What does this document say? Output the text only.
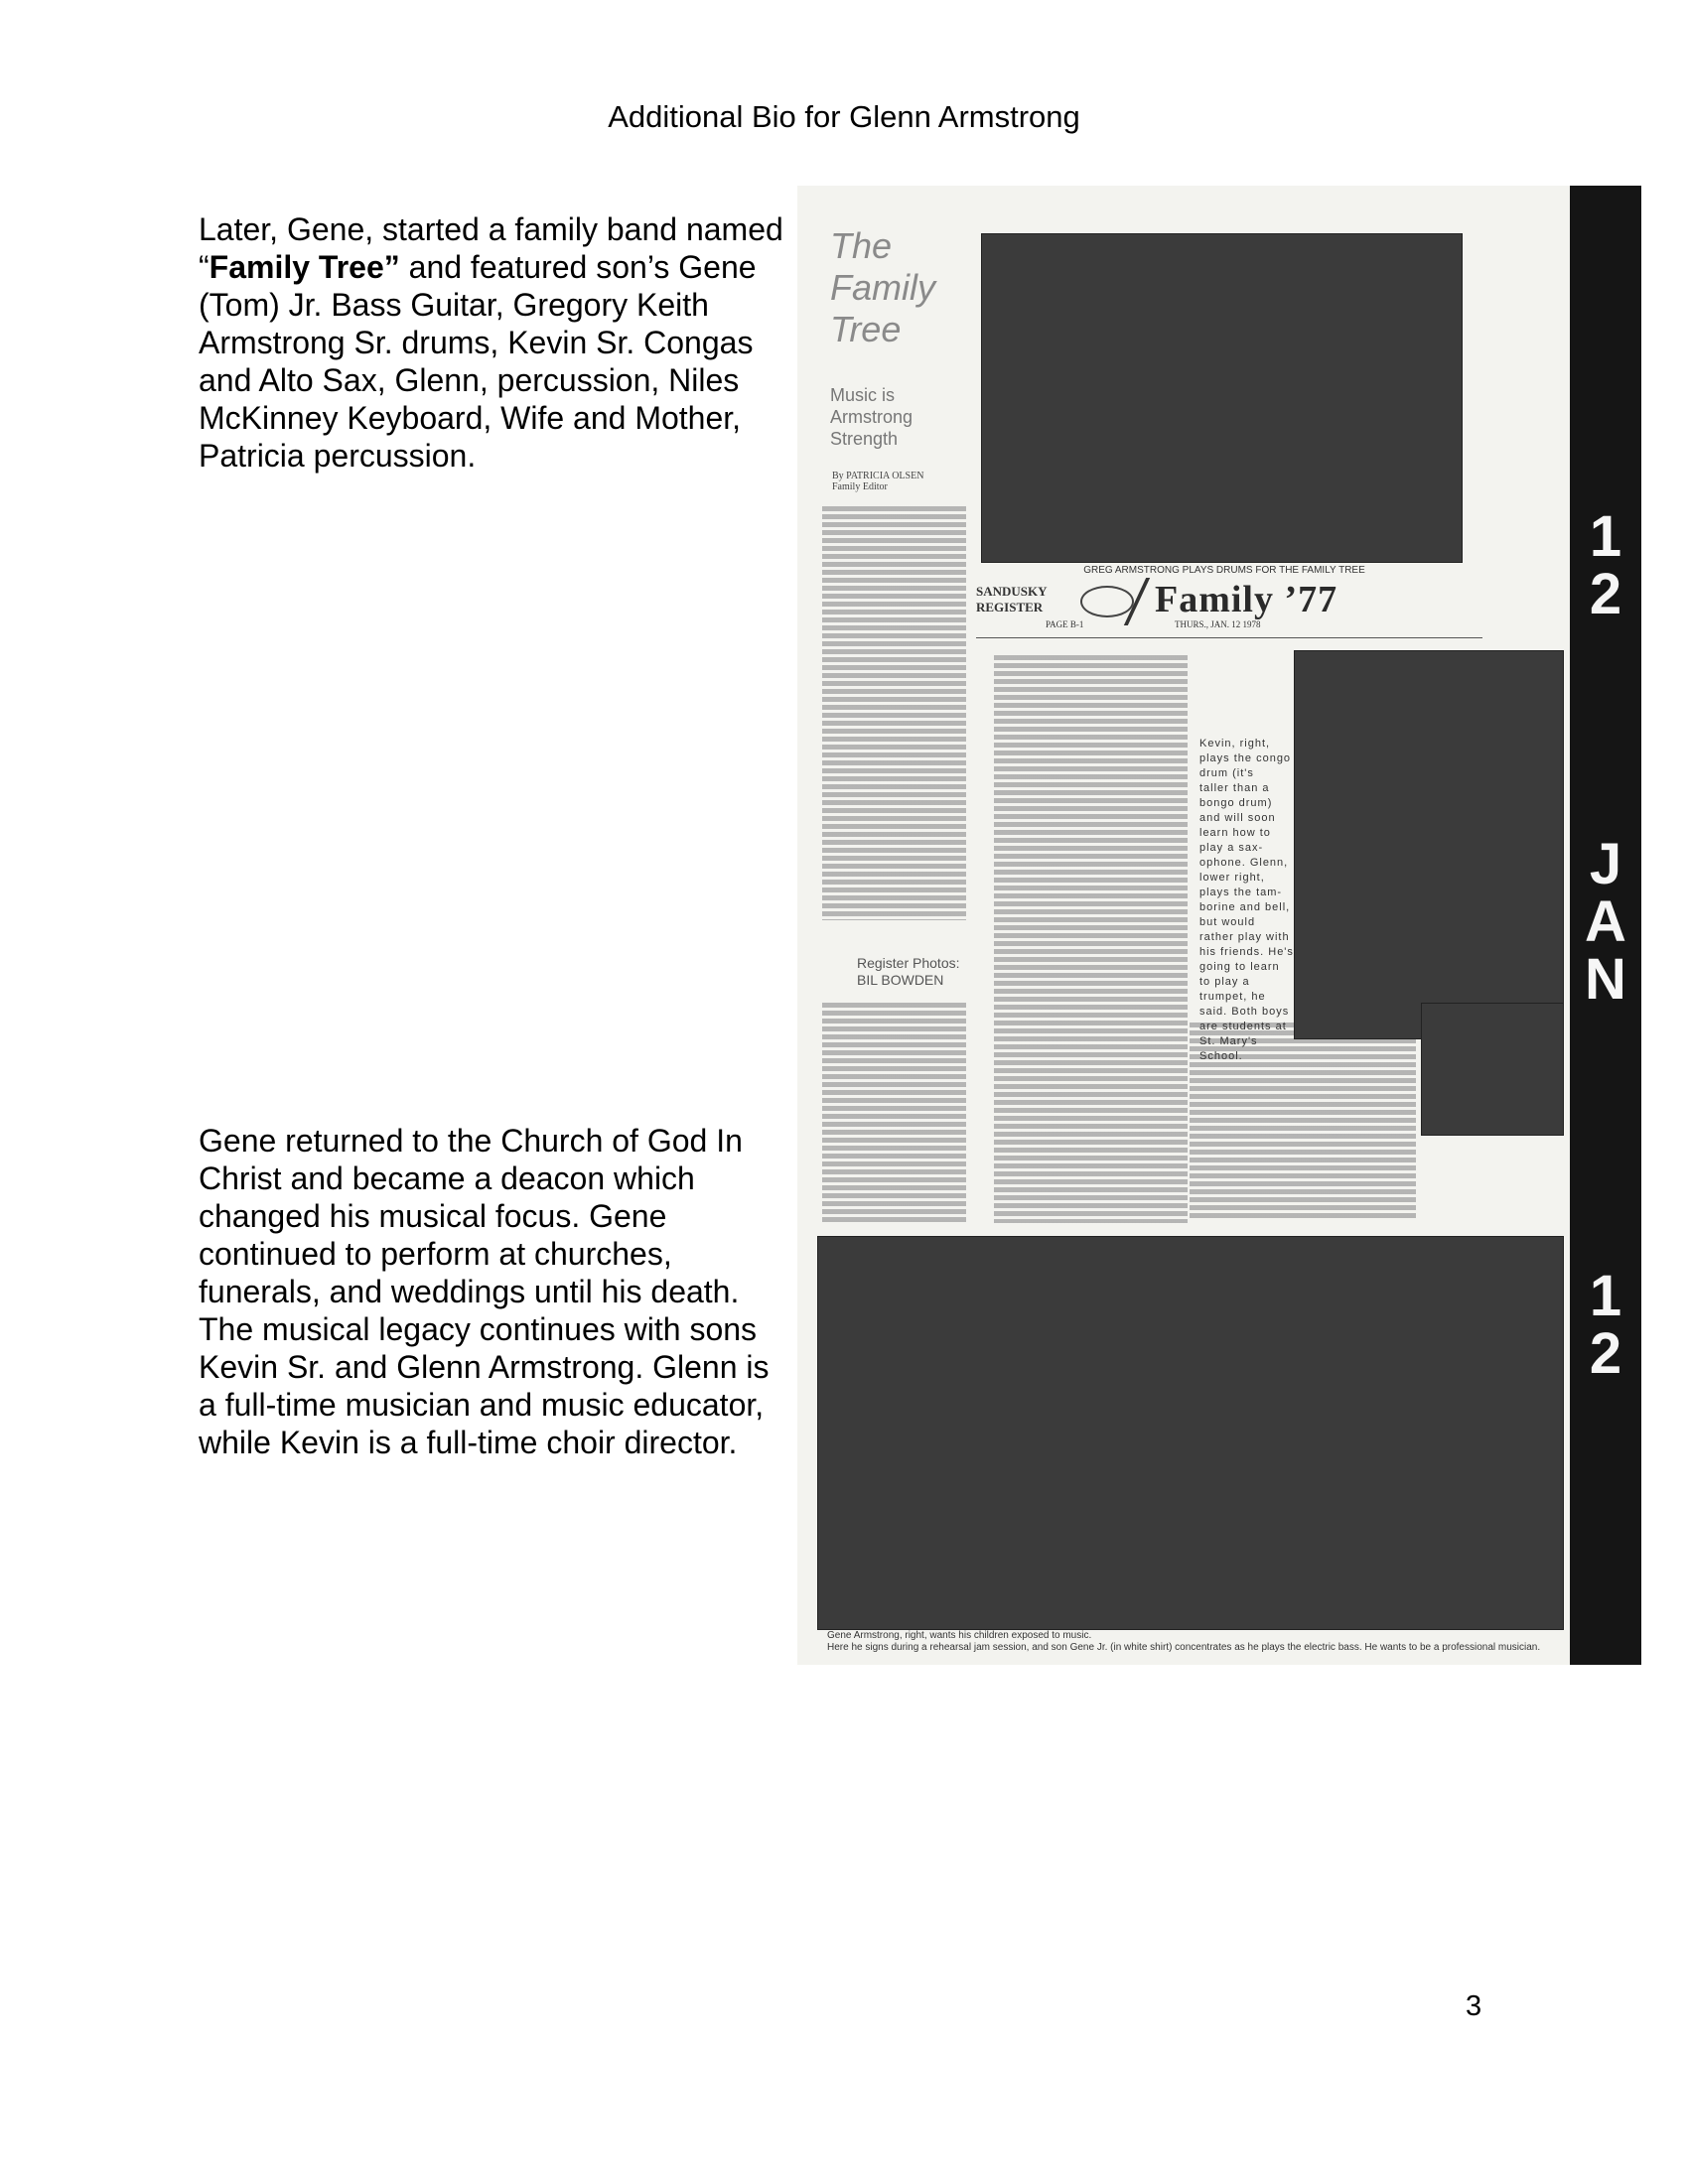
Additional Bio for Glenn Armstrong

Later, Gene, started a family band named “Family Tree” and featured son’s Gene (Tom) Jr. Bass Guitar, Gregory Keith Armstrong Sr. drums, Kevin Sr. Congas and Alto Sax, Glenn, percussion, Niles McKinney Keyboard, Wife and Mother, Patricia percussion.

Gene returned to the Church of God In Christ and became a deacon which changed his musical focus. Gene continued to perform at churches, funerals, and weddings until his death. The musical legacy continues with sons Kevin Sr. and Glenn Armstrong. Glenn is a full-time musician and music educator, while Kevin is a full-time choir director.

The
Family
Tree
Music is
Armstrong
Strength
By PATRICIA OLSEN
Family Editor
GREG ARMSTRONG PLAYS DRUMS FOR THE FAMILY TREE
SANDUSKY
REGISTER	Family ’77
PAGE B-1	THURS., JAN. 12 1978
Kevin, right,
plays the congo
drum (it's
taller than a
bongo drum)
and will soon
learn how to
play a sax-
ophone. Glenn,
lower right,
plays the tam-
borine and bell,
but would
rather play with
his friends. He's
going to learn
to play a
trumpet, he
said. Both boys
are students at
St. Mary's
School.
Register Photos:
BIL BOWDEN
Gene Armstrong, right, wants his children exposed to music.
Here he signs during a rehearsal jam session, and son Gene Jr. (in white shirt) concentrates as he plays the electric bass. He wants to be a professional musician.
1
2
J
A
N
1
2
3
